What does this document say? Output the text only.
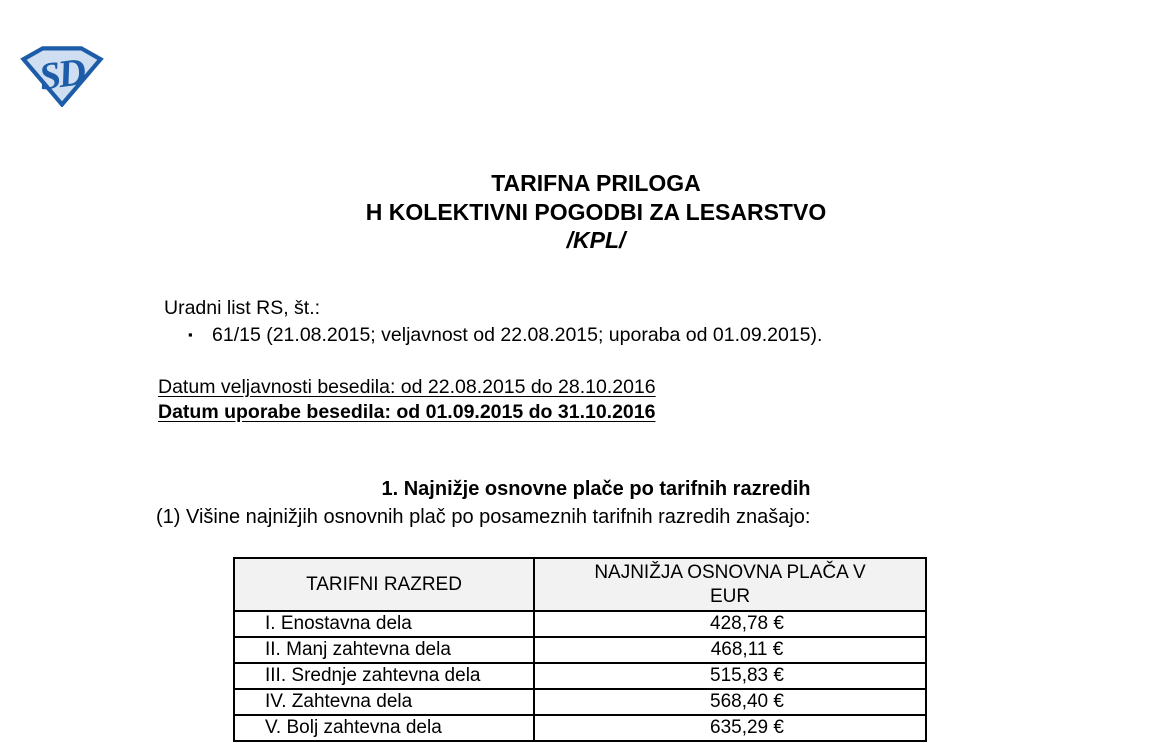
SD
TARIFNA PRILOGA
H KOLEKTIVNI POGODBI ZA LESARSTVO
/KPL/
Uradni list RS, št.:
▪ 61/15 (21.08.2015; veljavnost od 22.08.2015; uporaba od 01.09.2015).
Datum veljavnosti besedila: od 22.08.2015 do 28.10.2016
Datum uporabe besedila: od 01.09.2015 do 31.10.2016
1. Najnižje osnovne plače po tarifnih razredih
(1) Višine najnižjih osnovnih plač po posameznih tarifnih razredih znašajo:
TARIFNI RAZRED	NAJNIŽJA OSNOVNA PLAČA V EUR
I. Enostavna dela	428,78 €
II. Manj zahtevna dela	468,11 €
III. Srednje zahtevna dela	515,83 €
IV. Zahtevna dela	568,40 €
V. Bolj zahtevna dela	635,29 €
